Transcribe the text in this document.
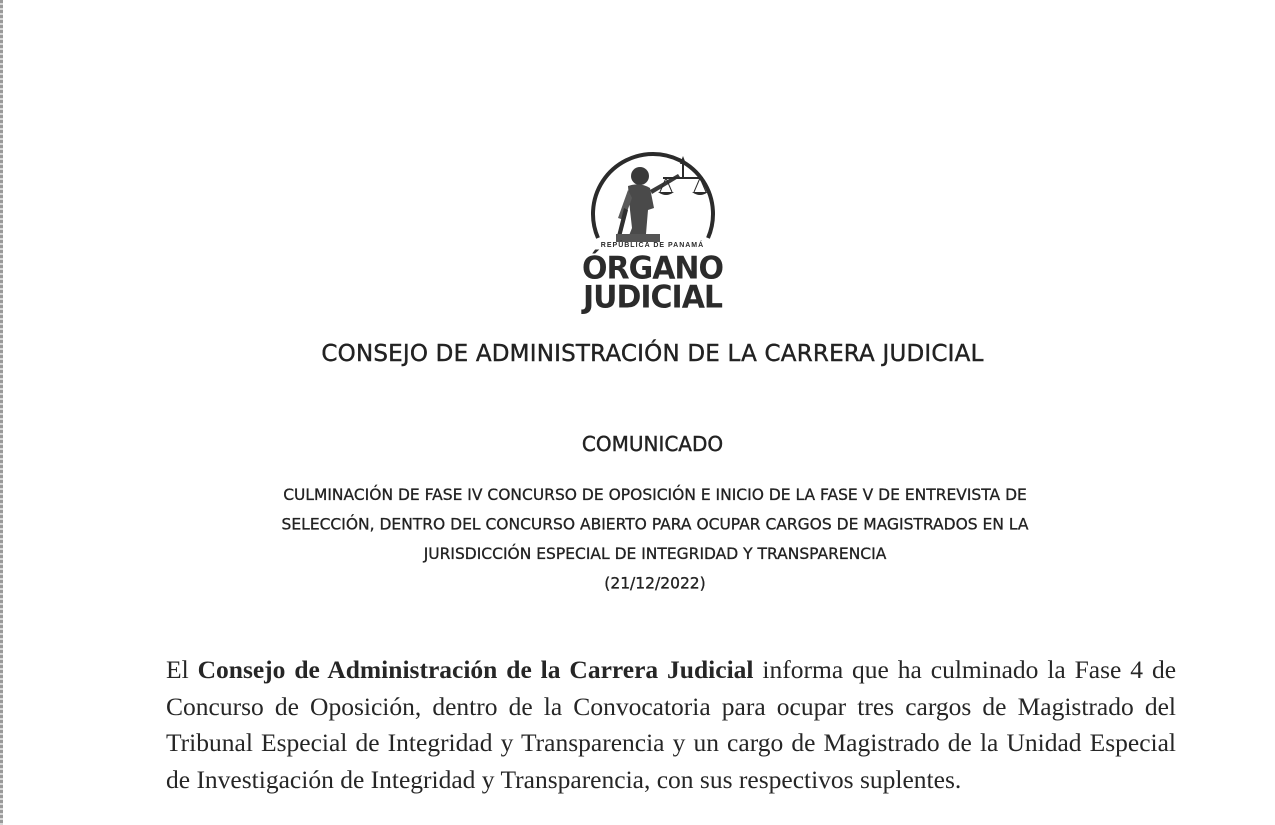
REPÚBLICA DE PANAMÁ
ÓRGANO
JUDICIAL
CONSEJO DE ADMINISTRACIÓN DE LA CARRERA JUDICIAL
COMUNICADO
CULMINACIÓN DE FASE IV CONCURSO DE OPOSICIÓN E INICIO DE LA FASE V DE ENTREVISTA DE
SELECCIÓN, DENTRO DEL CONCURSO ABIERTO PARA OCUPAR CARGOS DE MAGISTRADOS EN LA
JURISDICCIÓN ESPECIAL DE INTEGRIDAD Y TRANSPARENCIA
(21/12/2022)
El Consejo de Administración de la Carrera Judicial informa que ha culminado la Fase 4 de Concurso de Oposición, dentro de la Convocatoria para ocupar tres cargos de Magistrado del Tribunal Especial de Integridad y Transparencia y un cargo de Magistrado de la Unidad Especial de Investigación de Integridad y Transparencia, con sus respectivos suplentes.
